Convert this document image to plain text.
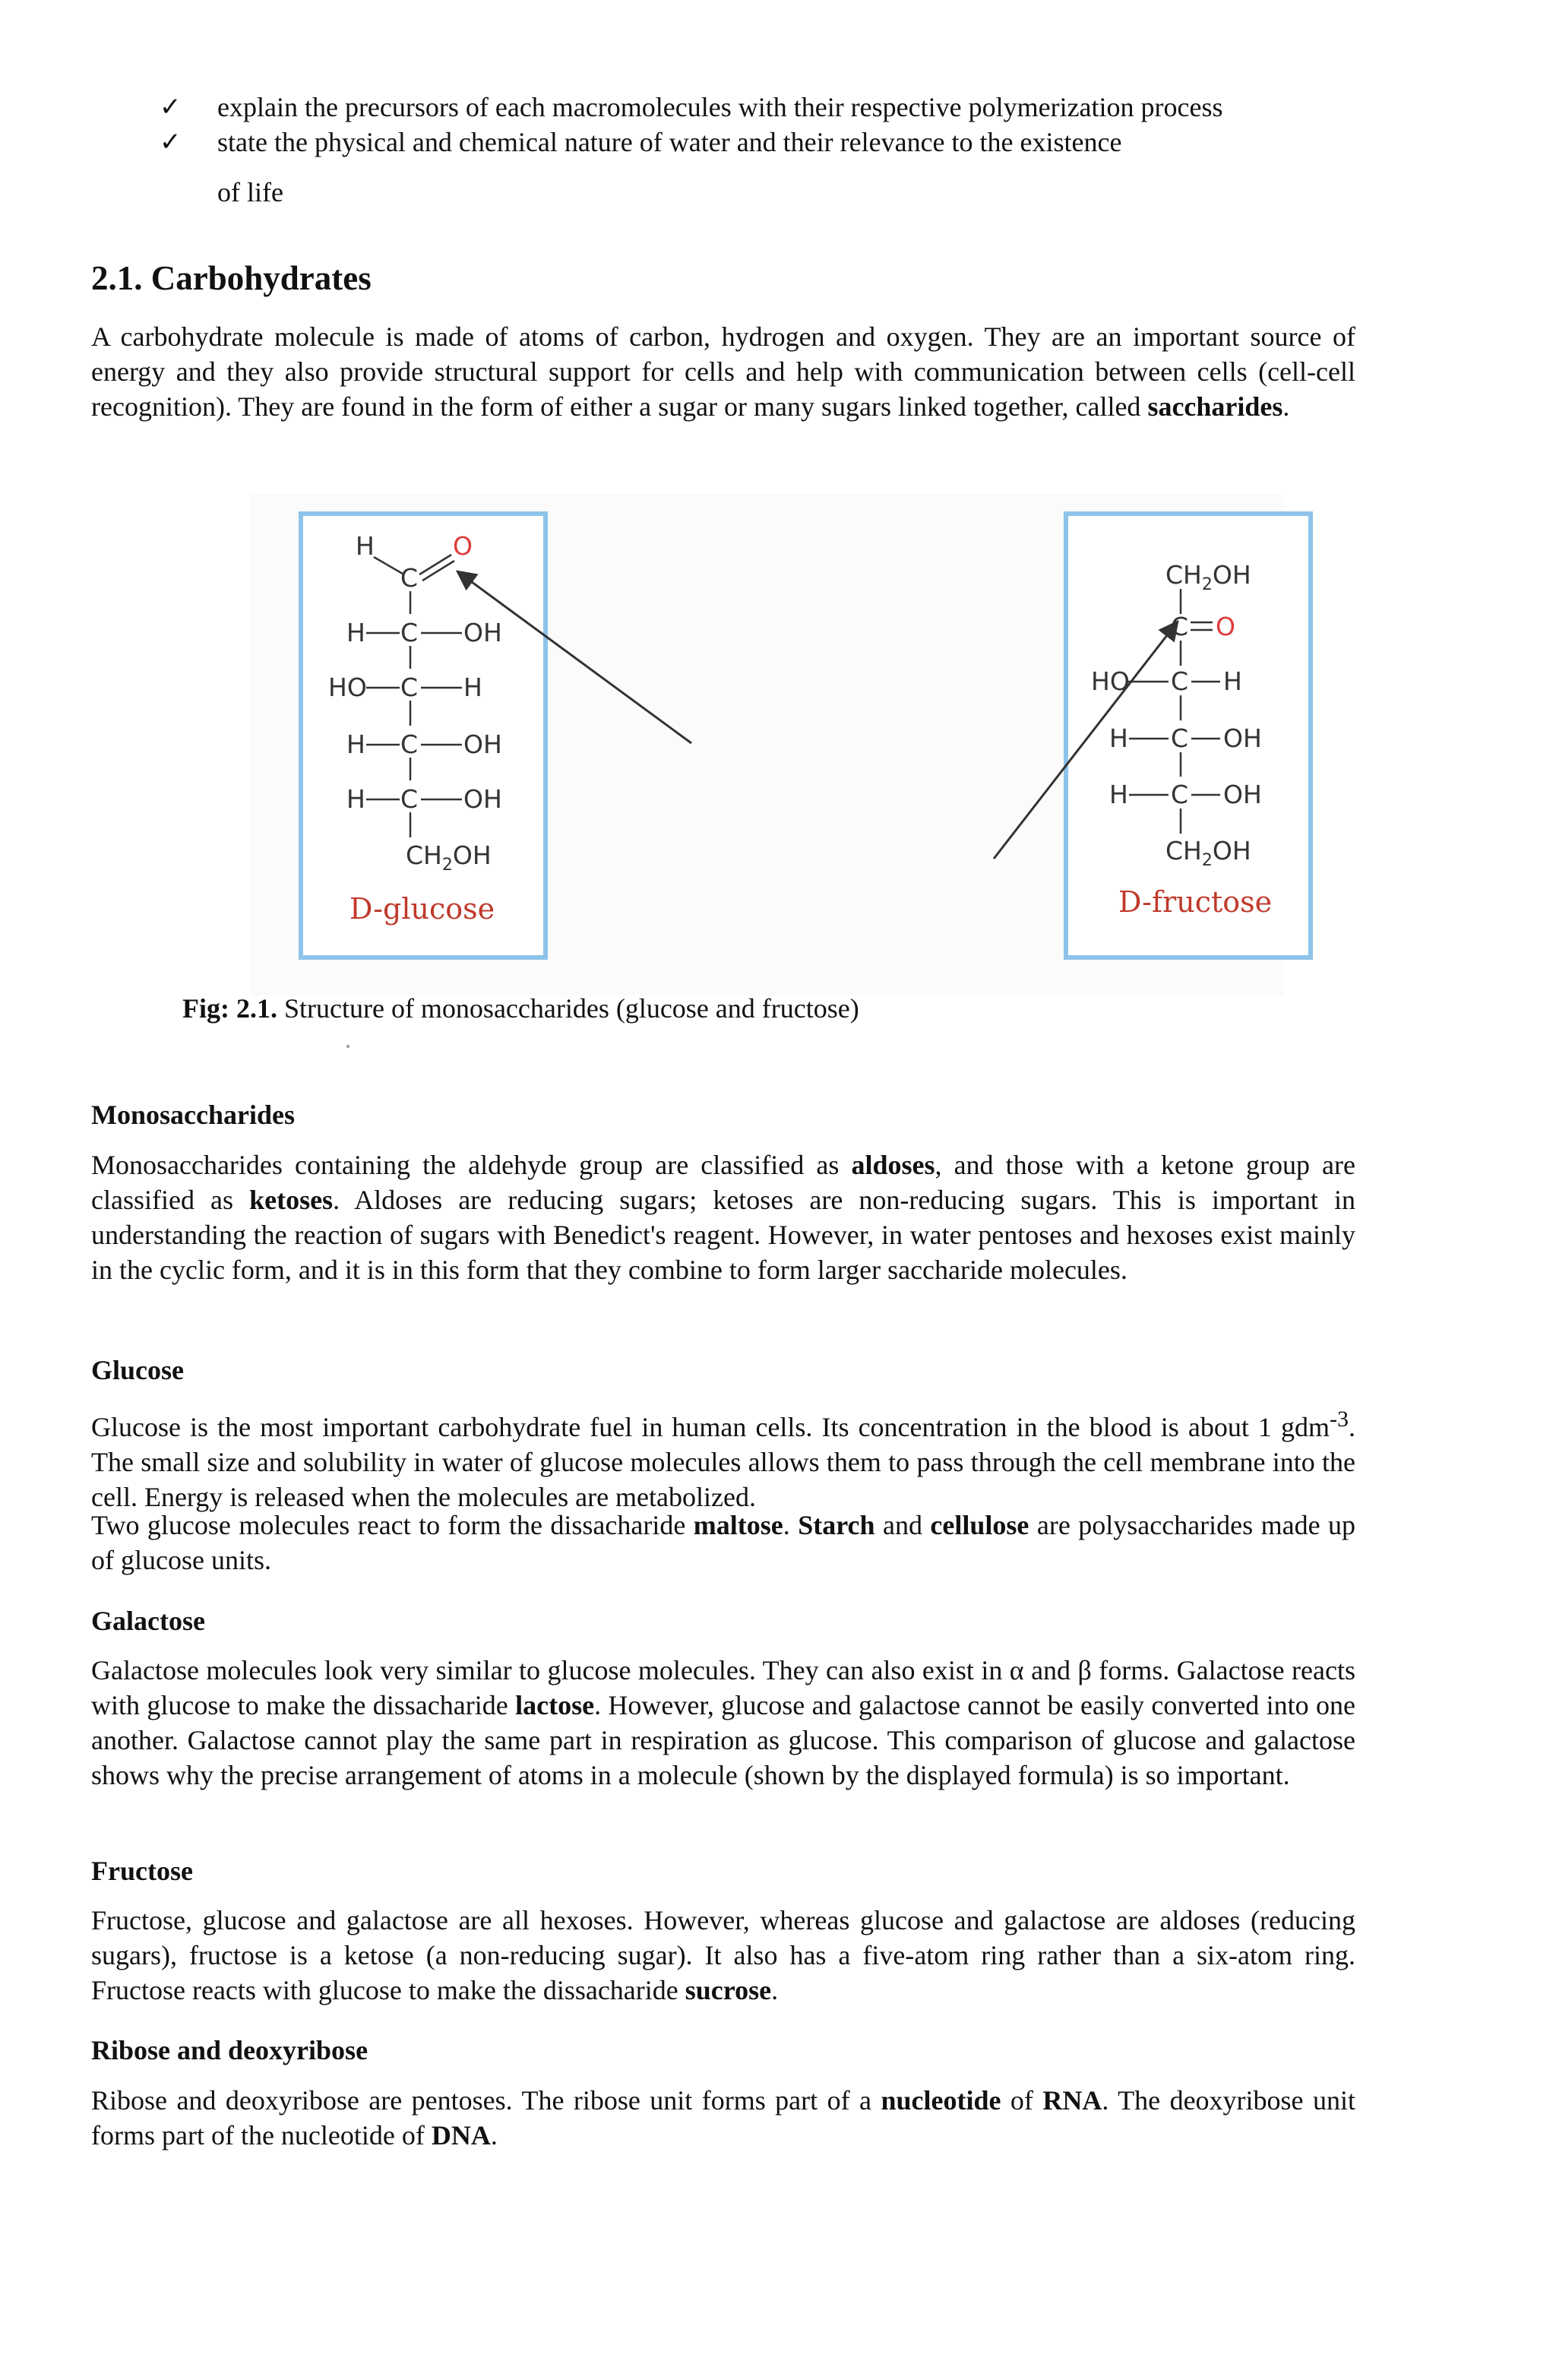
✓	explain the precursors of each macromolecules with their respective polymerization process
✓	state the physical and chemical nature of water and their relevance to the existence
of life
2.1. Carbohydrates

A carbohydrate molecule is made of atoms of carbon, hydrogen and oxygen. They are an important source of energy and they also provide structural support for cells and help with communication between cells (cell-cell recognition). They are found in the form of either a sugar or many sugars linked together, called saccharides.

H
C
O
H C OH
HO C H
H C OH
H C OH
$CH_2OH$
D-glucose
$CH_2OH$
C O
HO C H
H C OH
H C OH
$CH_2OH$
D-fructose
Fig: 2.1. Structure of monosaccharides (glucose and fructose)
Monosaccharides

Monosaccharides containing the aldehyde group are classified as aldoses, and those with a ketone group are classified as ketoses. Aldoses are reducing sugars; ketoses are non-reducing sugars. This is important in understanding the reaction of sugars with Benedict's reagent. However, in water pentoses and hexoses exist mainly in the cyclic form, and it is in this form that they combine to form larger saccharide molecules.

Glucose

Glucose is the most important carbohydrate fuel in human cells. Its concentration in the blood is about 1 gdm$^{-3}$. The small size and solubility in water of glucose molecules allows them to pass through the cell membrane into the cell. Energy is released when the molecules are metabolized.

Two glucose molecules react to form the dissacharide maltose. Starch and cellulose are polysaccharides made up of glucose units.

Galactose

Galactose molecules look very similar to glucose molecules. They can also exist in α and β forms. Galactose reacts with glucose to make the dissacharide lactose. However, glucose and galactose cannot be easily converted into one another. Galactose cannot play the same part in respiration as glucose. This comparison of glucose and galactose shows why the precise arrangement of atoms in a molecule (shown by the displayed formula) is so important.

Fructose

Fructose, glucose and galactose are all hexoses. However, whereas glucose and galactose are aldoses (reducing sugars), fructose is a ketose (a non-reducing sugar). It also has a five-atom ring rather than a six-atom ring. Fructose reacts with glucose to make the dissacharide sucrose.

Ribose and deoxyribose

Ribose and deoxyribose are pentoses. The ribose unit forms part of a nucleotide of RNA. The deoxyribose unit forms part of the nucleotide of DNA.
